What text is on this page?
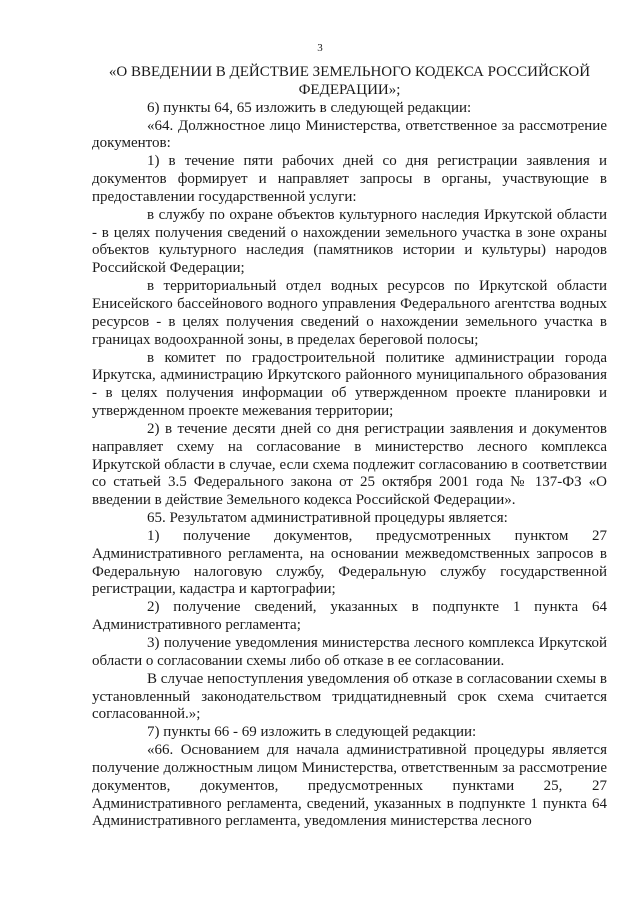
3

«О ВВЕДЕНИИ В ДЕЙСТВИЕ ЗЕМЕЛЬНОГО КОДЕКСА РОССИЙСКОЙ ФЕДЕРАЦИИ»;

6) пункты 64, 65 изложить в следующей редакции:

«64. Должностное лицо Министерства, ответственное за рассмотрение документов:

1) в течение пяти рабочих дней со дня регистрации заявления и документов формирует и направляет запросы в органы, участвующие в предоставлении государственной услуги:

в службу по охране объектов культурного наследия Иркутской области - в целях получения сведений о нахождении земельного участка в зоне охраны объектов культурного наследия (памятников истории и культуры) народов Российской Федерации;

в территориальный отдел водных ресурсов по Иркутской области Енисейского бассейнового водного управления Федерального агентства водных ресурсов - в целях получения сведений о нахождении земельного участка в границах водоохранной зоны, в пределах береговой полосы;

в комитет по градостроительной политике администрации города Иркутска, администрацию Иркутского районного муниципального образования - в целях получения информации об утвержденном проекте планировки и утвержденном проекте межевания территории;

2) в течение десяти дней со дня регистрации заявления и документов направляет схему на согласование в министерство лесного комплекса Иркутской области в случае, если схема подлежит согласованию в соответствии со статьей 3.5 Федерального закона от 25 октября 2001 года № 137-ФЗ «О введении в действие Земельного кодекса Российской Федерации».

65. Результатом административной процедуры является:

1) получение документов, предусмотренных пунктом 27 Административного регламента, на основании межведомственных запросов в Федеральную налоговую службу, Федеральную службу государственной регистрации, кадастра и картографии;

2) получение сведений, указанных в подпункте 1 пункта 64 Административного регламента;

3) получение уведомления министерства лесного комплекса Иркутской области о согласовании схемы либо об отказе в ее согласовании.

В случае непоступления уведомления об отказе в согласовании схемы в установленный законодательством тридцатидневный срок схема считается согласованной.»;

7) пункты 66 - 69 изложить в следующей редакции:

«66. Основанием для начала административной процедуры является получение должностным лицом Министерства, ответственным за рассмотрение документов, документов, предусмотренных пунктами 25, 27 Административного регламента, сведений, указанных в подпункте 1 пункта 64 Административного регламента, уведомления министерства лесного
